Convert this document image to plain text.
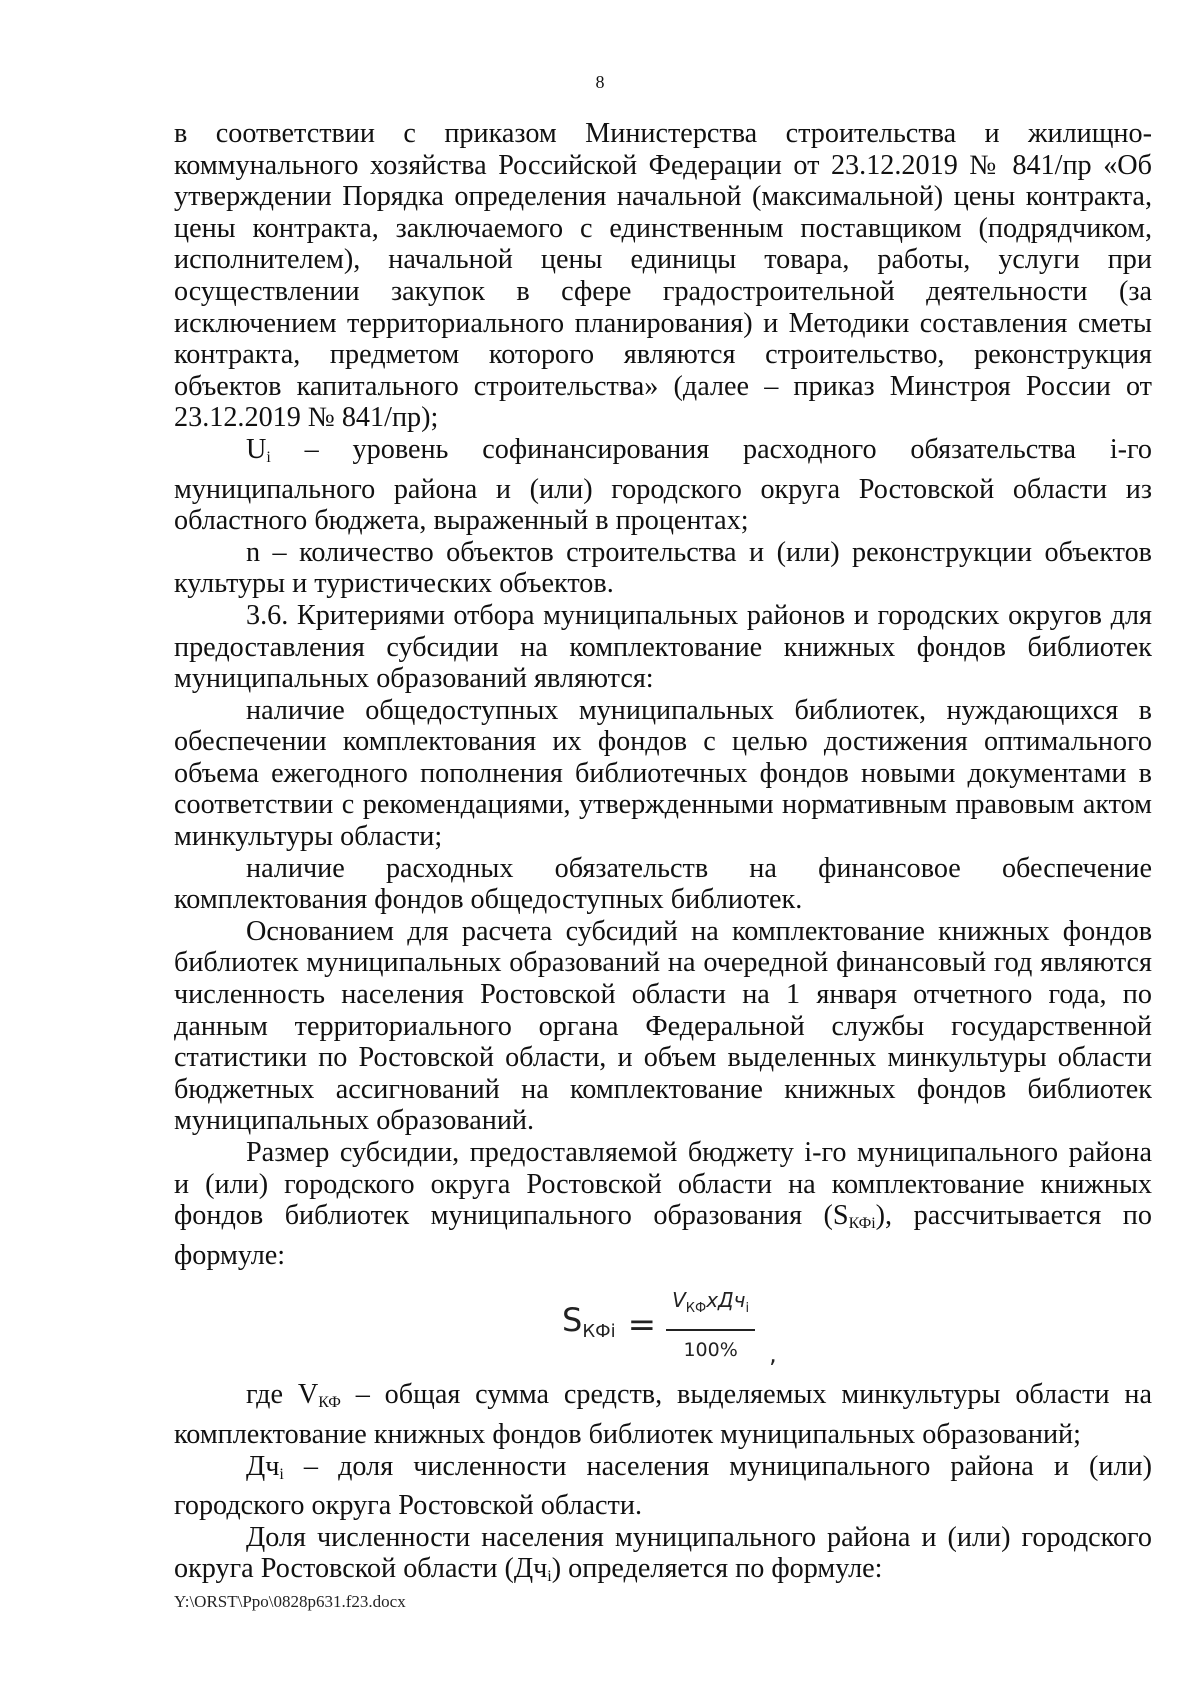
8

в соответствии с приказом Министерства строительства и жилищно-коммунального хозяйства Российской Федерации от 23.12.2019 № 841/пр «Об утверждении Порядка определения начальной (максимальной) цены контракта, цены контракта, заключаемого с единственным поставщиком (подрядчиком, исполнителем), начальной цены единицы товара, работы, услуги при осуществлении закупок в сфере градостроительной деятельности (за исключением территориального планирования) и Методики составления сметы контракта, предметом которого являются строительство, реконструкция объектов капитального строительства» (далее – приказ Минстроя России от 23.12.2019 № 841/пр);

$U_i$ – уровень софинансирования расходного обязательства i-го муниципального района и (или) городского округа Ростовской области из областного бюджета, выраженный в процентах;

n – количество объектов строительства и (или) реконструкции объектов культуры и туристических объектов.

3.6. Критериями отбора муниципальных районов и городских округов для предоставления субсидии на комплектование книжных фондов библиотек муниципальных образований являются:

наличие общедоступных муниципальных библиотек, нуждающихся в обеспечении комплектования их фондов с целью достижения оптимального объема ежегодного пополнения библиотечных фондов новыми документами в соответствии с рекомендациями, утвержденными нормативным правовым актом минкультуры области;

наличие расходных обязательств на финансовое обеспечение комплектования фондов общедоступных библиотек.

Основанием для расчета субсидий на комплектование книжных фондов библиотек муниципальных образований на очередной финансовый год являются численность населения Ростовской области на 1 января отчетного года, по данным территориального органа Федеральной службы государственной статистики по Ростовской области, и объем выделенных минкультуры области бюджетных ассигнований на комплектование книжных фондов библиотек муниципальных образований.

Размер субсидии, предоставляемой бюджету i-го муниципального района и (или) городского округа Ростовской области на комплектование книжных фондов библиотек муниципального образования $(S_{КФi})$, рассчитывается по формуле:

$S_{КФi} = \frac{V_{КФ}хДч_i}{100\%}$ ,

где $V_{КФ}$ – общая сумма средств, выделяемых минкультуры области на комплектование книжных фондов библиотек муниципальных образований;

$Дч_i$ – доля численности населения муниципального района и (или) городского округа Ростовской области.

Доля численности населения муниципального района и (или) городского округа Ростовской области $(Дч_i)$ определяется по формуле:

Y:\ORST\Ppo\0828p631.f23.docx
